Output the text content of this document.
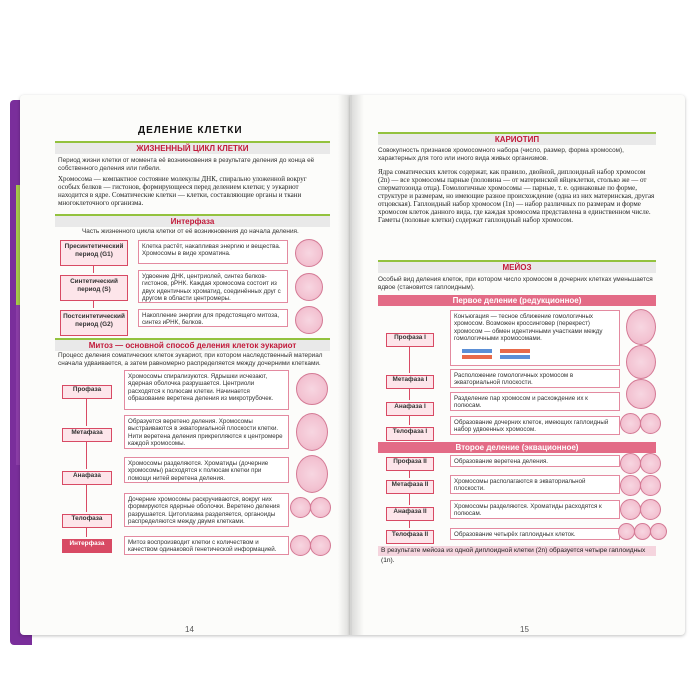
ДЕЛЕНИЕ КЛЕТКИ
ЖИЗНЕННЫЙ ЦИКЛ КЛЕТКИ
Период жизни клетки от момента её возникновения в результате деления до конца её собственного деления или гибели.
Хромосома — компактное состояние молекулы ДНК, спирально уложенной вокруг особых белков — гистонов, формирующееся перед делением клетки; у эукариот находится в ядре. Соматические клетки — клетки, составляющие органы и ткани многоклеточного организма.
Интерфаза
Часть жизненного цикла клетки от её возникновения до начала деления.
Пресинтетический период (G1)
Клетка растёт, накапливая энергию и вещества. Хромосомы в виде хроматина.
Синтетический период (S)
Удвоение ДНК, центриолей, синтез белков-гистонов, рРНК. Каждая хромосома состоит из двух идентичных хроматид, соединённых друг с другом в области центромеры.
Постсинтетический период (G2)
Накопление энергии для предстоящего митоза, синтез иРНК, белков.
Митоз — основной способ деления клеток эукариот
Процесс деления соматических клеток эукариот, при котором наследственный материал сначала удваивается, а затем равномерно распределяется между дочерними клетками.
Профаза
Хромосомы спирализуются. Ядрышки исчезают, ядерная оболочка разрушается. Центриоли расходятся к полюсам клетки. Начинается образование веретена деления из микротрубочек.
Метафаза
Образуется веретено деления. Хромосомы выстраиваются в экваториальной плоскости клетки. Нити веретена деления прикрепляются к центромере каждой хромосомы.
Анафаза
Хромосомы разделяются. Хроматиды (дочерние хромосомы) расходятся к полюсам клетки при помощи нитей веретена деления.
Телофаза
Дочерние хромосомы раскручиваются, вокруг них формируются ядерные оболочки. Веретено деления разрушается. Цитоплазма разделяется, органоиды распределяются между двумя клетками.
Интерфаза	Митоз воспроизводит клетки с количеством и качеством одинаковой генетической информацией.
14
КАРИОТИП
Совокупность признаков хромосомного набора (число, размер, форма хромосом), характерных для того или иного вида живых организмов.
Ядра соматических клеток содержат, как правило, двойной, диплоидный набор хромосом (2n) — все хромосомы парные (половина — от материнской яйцеклетки, столько же — от сперматозоида отца). Гомологичные хромосомы — парные, т. е. одинаковые по форме, структуре и размерам, но имеющие разное происхождение (одна из них материнская, другая отцовская). Гаплоидный набор хромосом (1n) — набор различных по размерам и форме хромосом клеток данного вида, где каждая хромосома представлена в единственном числе. Гаметы (половые клетки) содержат гаплоидный набор хромосом.
МЕЙОЗ
Особый вид деления клеток, при котором число хромосом в дочерних клетках уменьшается вдвое (становится гаплоидным).
Первое деление (редукционное)
Профаза I
Конъюгация — тесное сближение гомологичных хромосом. Возможен кроссинговер (перекрест) хромосом — обмен идентичными участками между гомологичными хромосомами.
Метафаза I
Расположение гомологичных хромосом в экваториальной плоскости.
Анафаза I
Разделение пар хромосом и расхождение их к полюсам.
Телофаза I
Образование дочерних клеток, имеющих гаплоидный набор удвоенных хромосом.
Второе деление (эквационное)
Профаза II	Образование веретена деления.
Метафаза II	Хромосомы располагаются в экваториальной плоскости.
Анафаза II
Хромосомы разделяются. Хроматиды расходятся к полюсам.
Телофаза II	Образование четырёх гаплоидных клеток.
В результате мейоза из одной диплоидной клетки (2n) образуется четыре гаплоидных (1n).
15
